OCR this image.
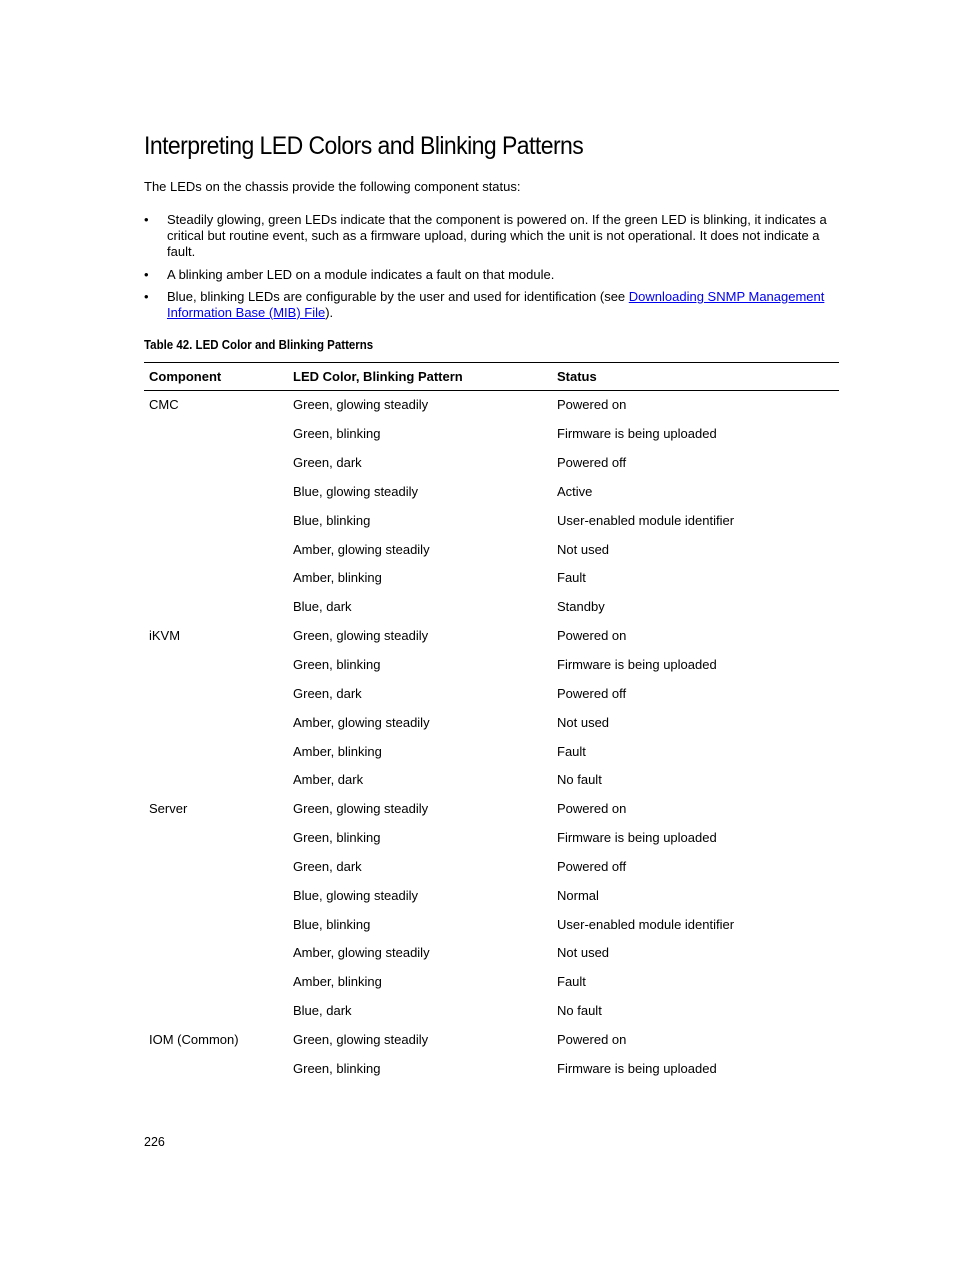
Interpreting LED Colors and Blinking Patterns

The LEDs on the chassis provide the following component status:

• Steadily glowing, green LEDs indicate that the component is powered on. If the green LED is blinking, it indicates a critical but routine event, such as a firmware upload, during which the unit is not operational. It does not indicate a fault.
• A blinking amber LED on a module indicates a fault on that module.
• Blue, blinking LEDs are configurable by the user and used for identification (see Downloading SNMP Management Information Base (MIB) File).

Table 42. LED Color and Blinking Patterns

Component	LED Color, Blinking Pattern	Status
CMC	Green, glowing steadily	Powered on
	Green, blinking	Firmware is being uploaded
	Green, dark	Powered off
	Blue, glowing steadily	Active
	Blue, blinking	User-enabled module identifier
	Amber, glowing steadily	Not used
	Amber, blinking	Fault
	Blue, dark	Standby
iKVM	Green, glowing steadily	Powered on
	Green, blinking	Firmware is being uploaded
	Green, dark	Powered off
	Amber, glowing steadily	Not used
	Amber, blinking	Fault
	Amber, dark	No fault
Server	Green, glowing steadily	Powered on
	Green, blinking	Firmware is being uploaded
	Green, dark	Powered off
	Blue, glowing steadily	Normal
	Blue, blinking	User-enabled module identifier
	Amber, glowing steadily	Not used
	Amber, blinking	Fault
	Blue, dark	No fault
IOM (Common)	Green, glowing steadily	Powered on
	Green, blinking	Firmware is being uploaded

226
